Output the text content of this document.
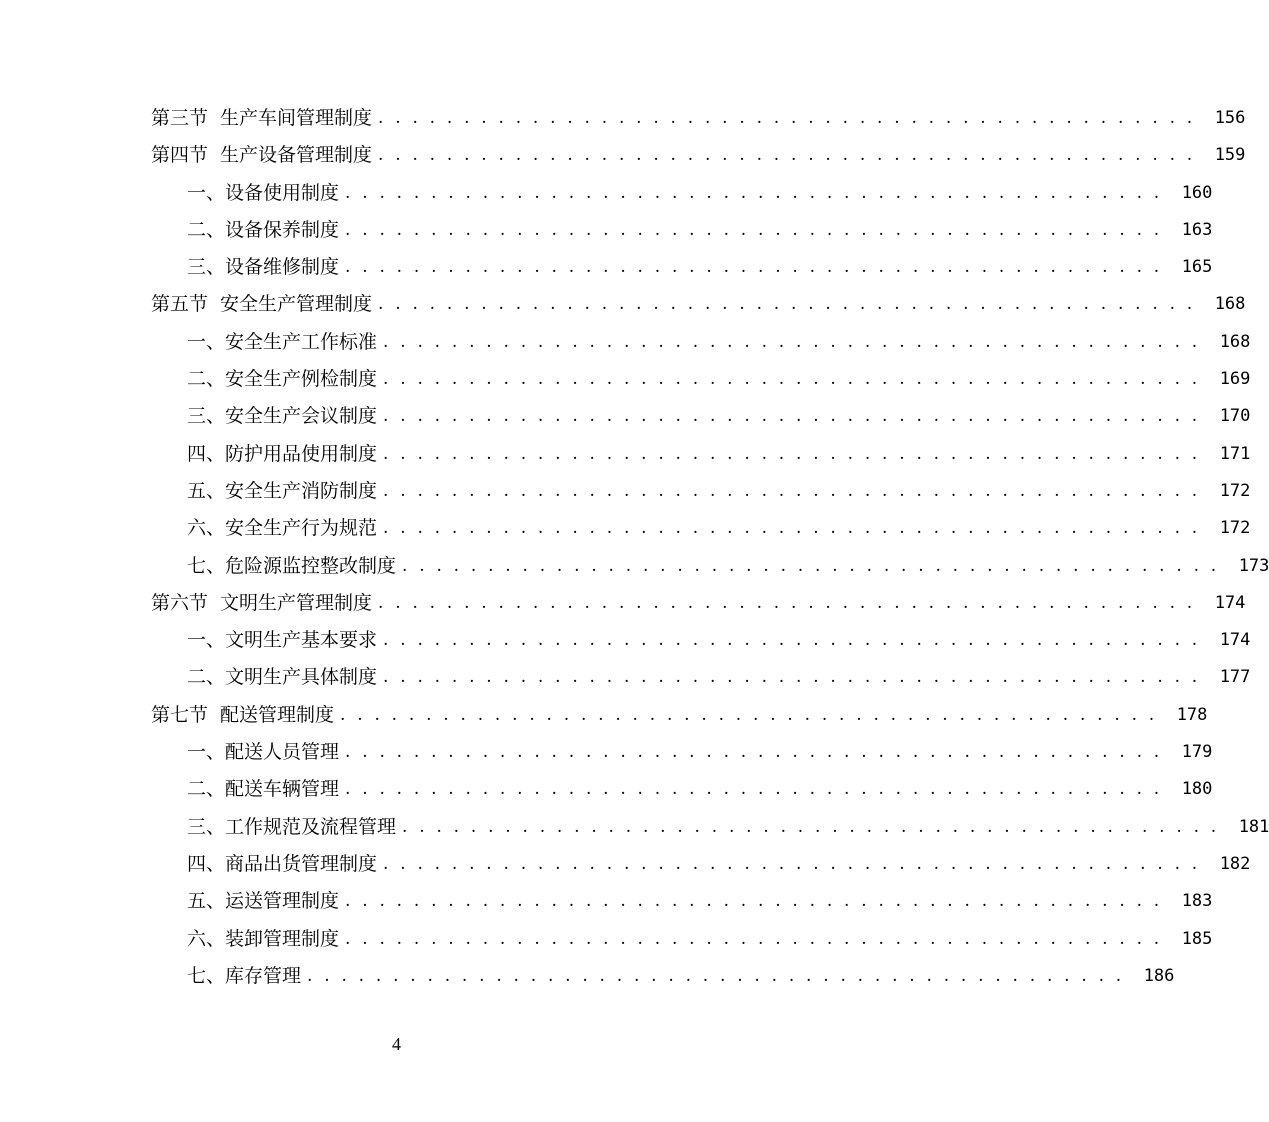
第三节 生产车间管理制度 . . . . . . . . . . . . . . . . . . . . . . . . . . . . . . . . . . . . . . . . . . . . . . . .	156
第四节 生产设备管理制度 . . . . . . . . . . . . . . . . . . . . . . . . . . . . . . . . . . . . . . . . . . . . . . . .	159
一、设备使用制度 . . . . . . . . . . . . . . . . . . . . . . . . . . . . . . . . . . . . . . . . . . . . . . . .	160
二、设备保养制度 . . . . . . . . . . . . . . . . . . . . . . . . . . . . . . . . . . . . . . . . . . . . . . . .	163
三、设备维修制度 . . . . . . . . . . . . . . . . . . . . . . . . . . . . . . . . . . . . . . . . . . . . . . . .	165
第五节 安全生产管理制度 . . . . . . . . . . . . . . . . . . . . . . . . . . . . . . . . . . . . . . . . . . . . . . . .	168
一、安全生产工作标准 . . . . . . . . . . . . . . . . . . . . . . . . . . . . . . . . . . . . . . . . . . . . . . . .	168
二、安全生产例检制度 . . . . . . . . . . . . . . . . . . . . . . . . . . . . . . . . . . . . . . . . . . . . . . . .	169
三、安全生产会议制度 . . . . . . . . . . . . . . . . . . . . . . . . . . . . . . . . . . . . . . . . . . . . . . . .	170
四、防护用品使用制度 . . . . . . . . . . . . . . . . . . . . . . . . . . . . . . . . . . . . . . . . . . . . . . . .	171
五、安全生产消防制度 . . . . . . . . . . . . . . . . . . . . . . . . . . . . . . . . . . . . . . . . . . . . . . . .	172
六、安全生产行为规范 . . . . . . . . . . . . . . . . . . . . . . . . . . . . . . . . . . . . . . . . . . . . . . . .	172
七、危险源监控整改制度 . . . . . . . . . . . . . . . . . . . . . . . . . . . . . . . . . . . . . . . . . . . . . . . .	173
第六节 文明生产管理制度 . . . . . . . . . . . . . . . . . . . . . . . . . . . . . . . . . . . . . . . . . . . . . . . .	174
一、文明生产基本要求 . . . . . . . . . . . . . . . . . . . . . . . . . . . . . . . . . . . . . . . . . . . . . . . .	174
二、文明生产具体制度 . . . . . . . . . . . . . . . . . . . . . . . . . . . . . . . . . . . . . . . . . . . . . . . .	177
第七节 配送管理制度 . . . . . . . . . . . . . . . . . . . . . . . . . . . . . . . . . . . . . . . . . . . . . . . .	178
一、配送人员管理 . . . . . . . . . . . . . . . . . . . . . . . . . . . . . . . . . . . . . . . . . . . . . . . .	179
二、配送车辆管理 . . . . . . . . . . . . . . . . . . . . . . . . . . . . . . . . . . . . . . . . . . . . . . . .	180
三、工作规范及流程管理 . . . . . . . . . . . . . . . . . . . . . . . . . . . . . . . . . . . . . . . . . . . . . . . .	181
四、商品出货管理制度 . . . . . . . . . . . . . . . . . . . . . . . . . . . . . . . . . . . . . . . . . . . . . . . .	182
五、运送管理制度 . . . . . . . . . . . . . . . . . . . . . . . . . . . . . . . . . . . . . . . . . . . . . . . .	183
六、装卸管理制度 . . . . . . . . . . . . . . . . . . . . . . . . . . . . . . . . . . . . . . . . . . . . . . . .	185
七、库存管理 . . . . . . . . . . . . . . . . . . . . . . . . . . . . . . . . . . . . . . . . . . . . . . . .	186
4
